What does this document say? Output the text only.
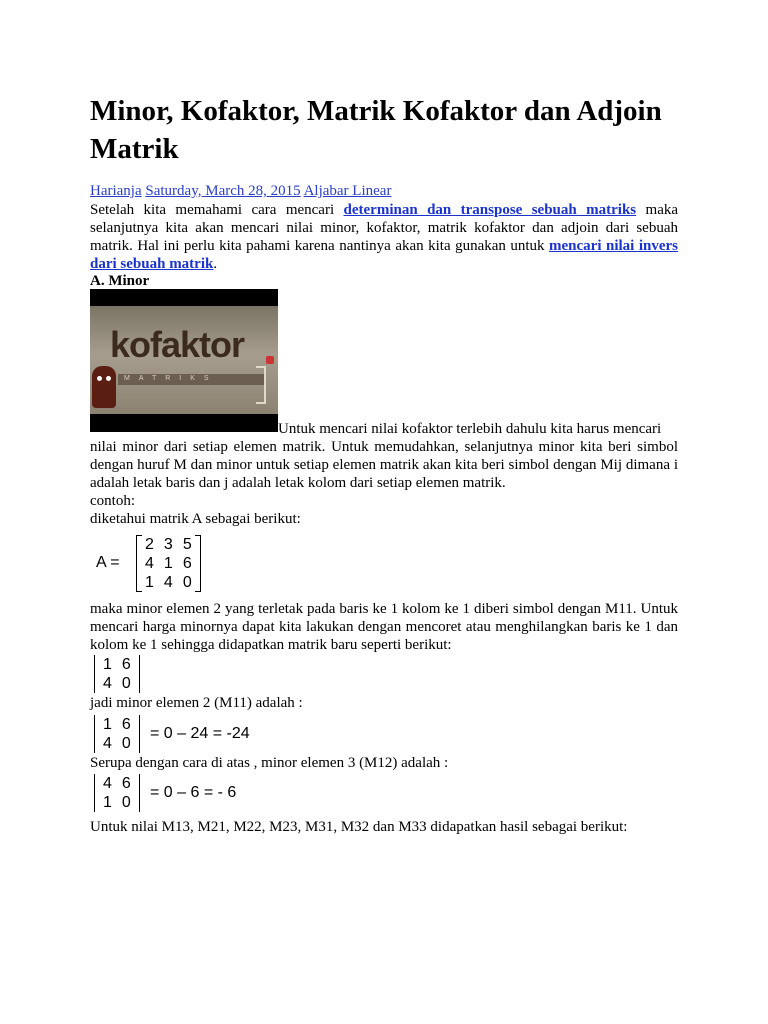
Minor, Kofaktor, Matrik Kofaktor dan Adjoin Matrik
Harianja Saturday, March 28, 2015 Aljabar Linear
Setelah kita memahami cara mencari determinan dan transpose sebuah matriks maka selanjutnya kita akan mencari nilai minor, kofaktor, matrik kofaktor dan adjoin dari sebuah matrik. Hal ini perlu kita pahami karena nantinya akan kita gunakan untuk mencari nilai invers dari sebuah matrik.
A. Minor
kofaktor
MATRIKS
Untuk mencari nilai kofaktor terlebih dahulu kita harus mencari
nilai minor dari setiap elemen matrik. Untuk memudahkan, selanjutnya minor kita beri simbol dengan huruf M dan minor untuk setiap elemen matrik akan kita beri simbol dengan Mij dimana i adalah letak baris dan j adalah letak kolom dari setiap elemen matrik.
contoh:
diketahui matrik A sebagai berikut:
A =
2	3	5
4	1	6
1	4	0
maka minor elemen 2 yang terletak pada baris ke 1 kolom ke 1 diberi simbol dengan M11. Untuk mencari harga minornya dapat kita lakukan dengan mencoret atau menghilangkan baris ke 1 dan kolom ke 1 sehingga didapatkan matrik baru seperti berikut:
1	6
4	0
jadi minor elemen 2 (M11) adalah :
1	6
4	0
= 0 – 24 = -24
Serupa dengan cara di atas , minor elemen 3 (M12) adalah :
4	6
1	0
= 0 – 6 = - 6
Untuk nilai M13, M21, M22, M23, M31, M32 dan M33 didapatkan hasil sebagai berikut:
